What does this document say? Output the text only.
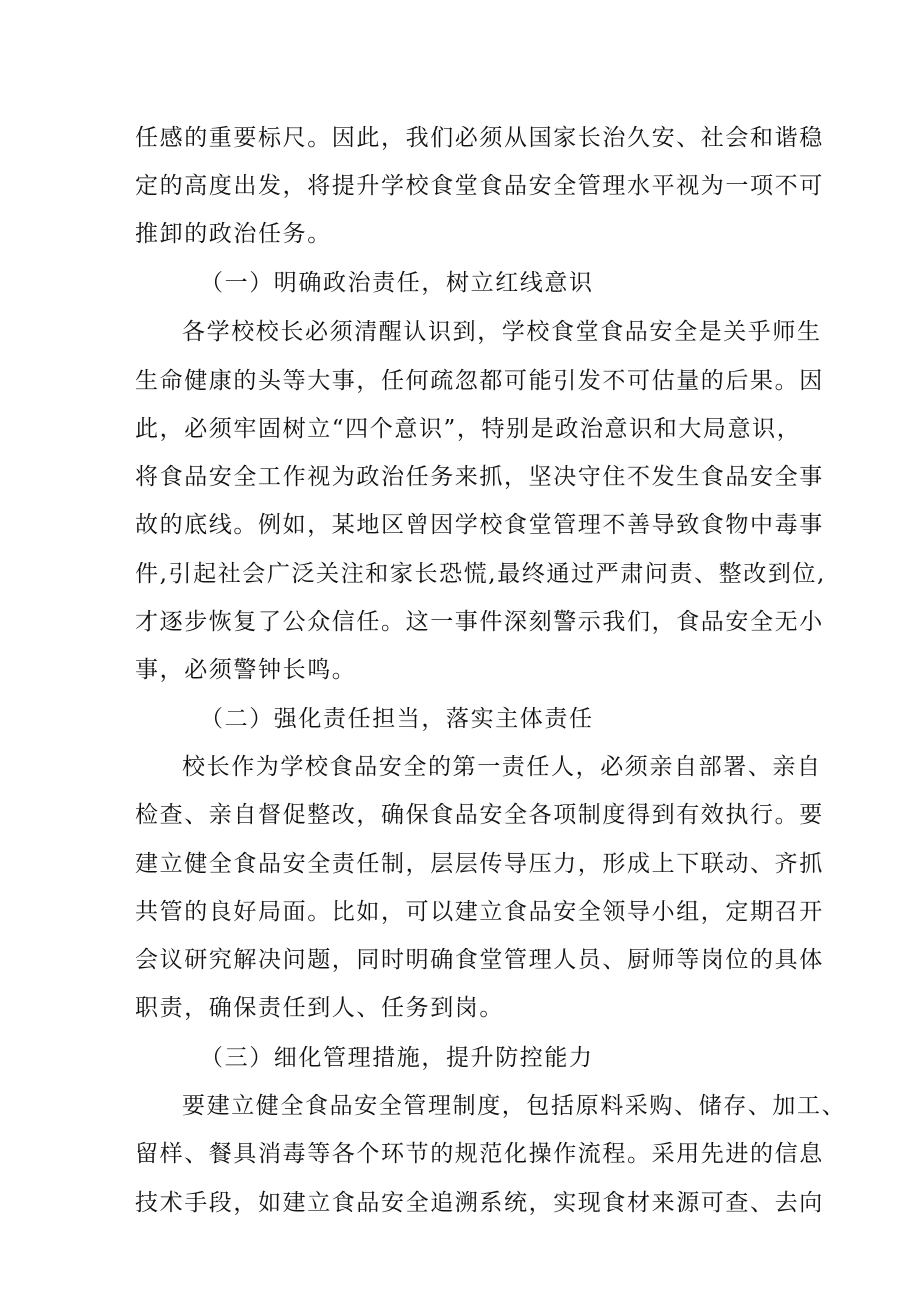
任感的重要标尺。因此，我们必须从国家长治久安、社会和谐稳
定的高度出发，将提升学校食堂食品安全管理水平视为一项不可
推卸的政治任务。
（一）明确政治责任，树立红线意识
各学校校长必须清醒认识到，学校食堂食品安全是关乎师生
生命健康的头等大事，任何疏忽都可能引发不可估量的后果。因
此，必须牢固树立“四个意识”，特别是政治意识和大局意识，
将食品安全工作视为政治任务来抓，坚决守住不发生食品安全事
故的底线。例如，某地区曾因学校食堂管理不善导致食物中毒事
件,引起社会广泛关注和家长恐慌,最终通过严肃问责、整改到位,
才逐步恢复了公众信任。这一事件深刻警示我们，食品安全无小
事，必须警钟长鸣。
（二）强化责任担当，落实主体责任
校长作为学校食品安全的第一责任人，必须亲自部署、亲自
检查、亲自督促整改，确保食品安全各项制度得到有效执行。要
建立健全食品安全责任制，层层传导压力，形成上下联动、齐抓
共管的良好局面。比如，可以建立食品安全领导小组，定期召开
会议研究解决问题，同时明确食堂管理人员、厨师等岗位的具体
职责，确保责任到人、任务到岗。
（三）细化管理措施，提升防控能力
要建立健全食品安全管理制度，包括原料采购、储存、加工、
留样、餐具消毒等各个环节的规范化操作流程。采用先进的信息
技术手段，如建立食品安全追溯系统，实现食材来源可查、去向
